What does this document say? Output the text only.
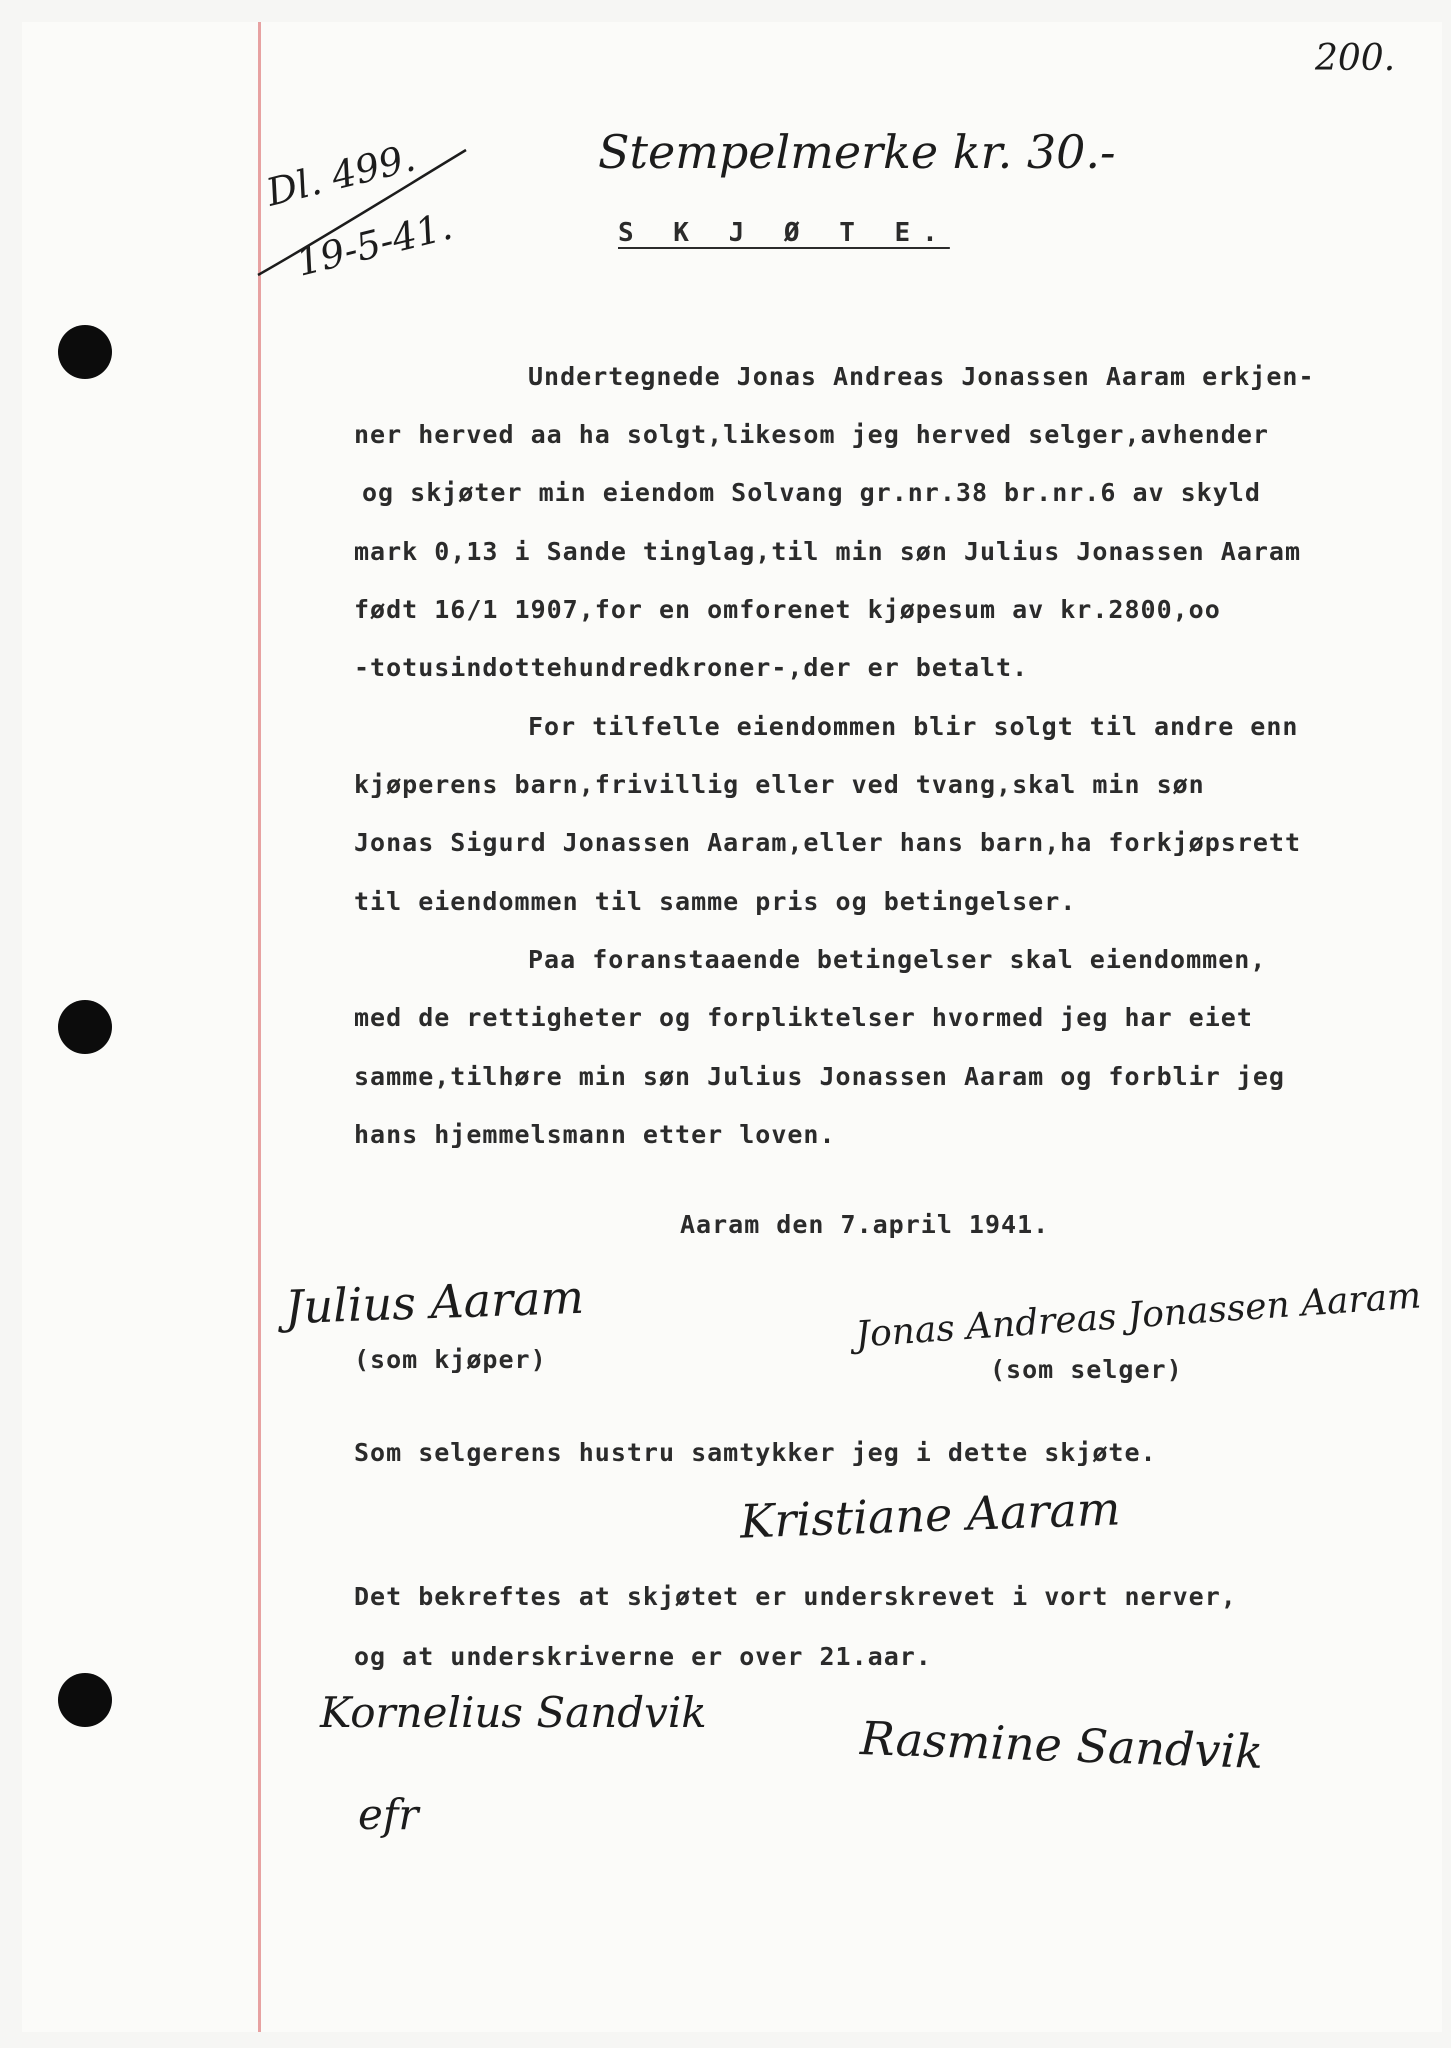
200.
Stempelmerke kr. 30.-
Dl. 499.
19-5-41.	S K J Ø T E.
Undertegnede Jonas Andreas Jonassen Aaram erkjen-
ner herved aa ha solgt,likesom jeg herved selger,avhender
og skjøter min eiendom Solvang gr.nr.38 br.nr.6 av skyld
mark 0,13 i Sande tinglag,til min søn Julius Jonassen Aaram
født 16/1 1907,for en omforenet kjøpesum av kr.2800,oo
-totusindottehundredkroner-,der er betalt.
For tilfelle eiendommen blir solgt til andre enn
kjøperens barn,frivillig eller ved tvang,skal min søn
Jonas Sigurd Jonassen Aaram,eller hans barn,ha forkjøpsrett
til eiendommen til samme pris og betingelser.
Paa foranstaaende betingelser skal eiendommen,
med de rettigheter og forpliktelser hvormed jeg har eiet
samme,tilhøre min søn Julius Jonassen Aaram og forblir jeg
hans hjemmelsmann etter loven.
Aaram den 7.april 1941.
Julius Aaram
(som kjøper)
Jonas Andreas Jonassen Aaram
(som selger)
Som selgerens hustru samtykker jeg i dette skjøte.
Kristiane Aaram
Det bekreftes at skjøtet er underskrevet i vort nerver,
og at underskriverne er over 21.aar.
Kornelius Sandvik	Rasmine Sandvik
efr
